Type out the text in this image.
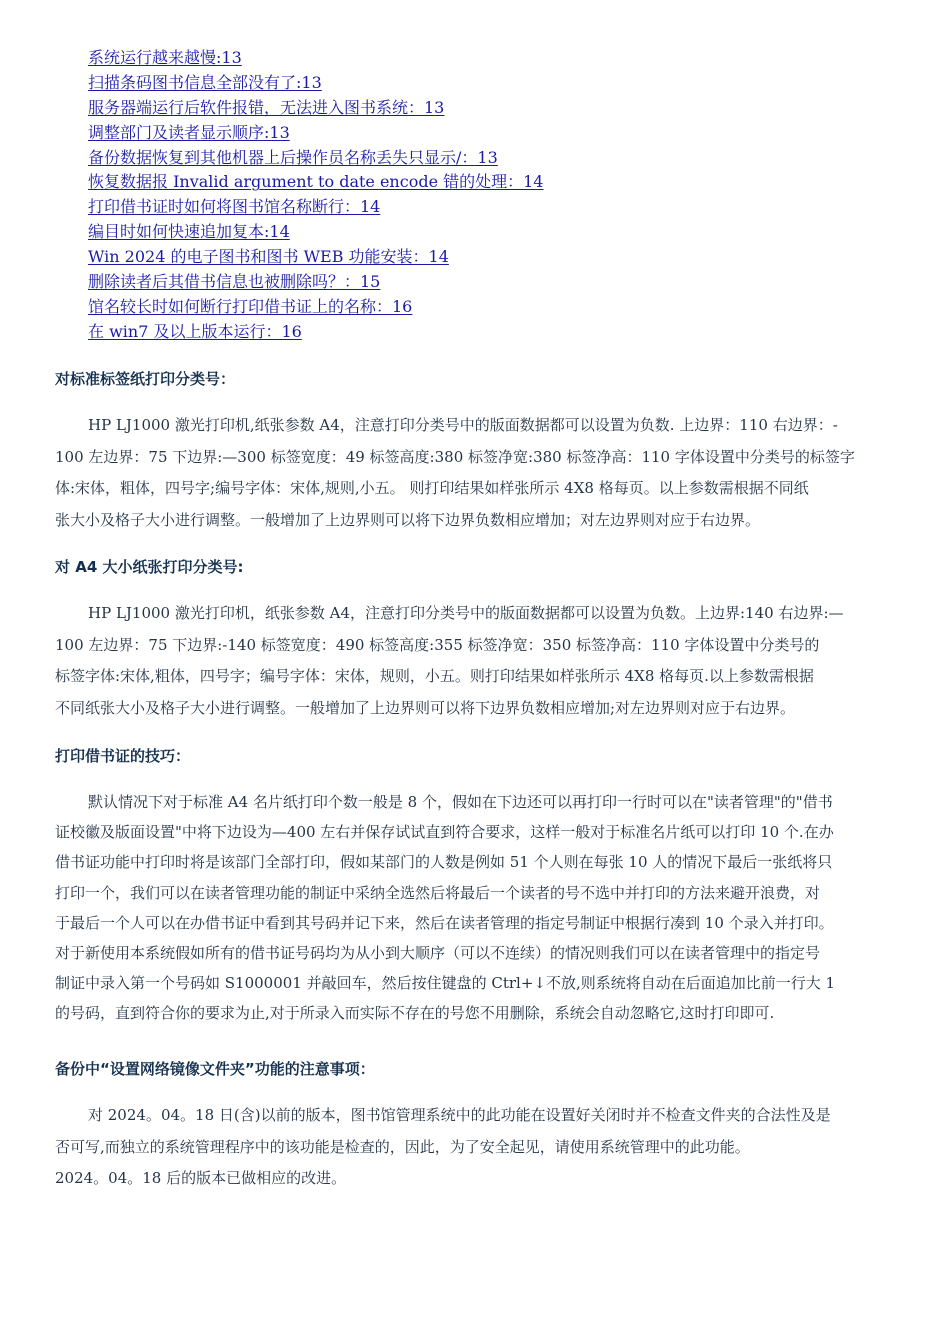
系统运行越来越慢:13
扫描条码图书信息全部没有了:13
服务器端运行后软件报错，无法进入图书系统：13
调整部门及读者显示顺序:13
备份数据恢复到其他机器上后操作员名称丢失只显示/：13
恢复数据报 Invalid argument to date encode 错的处理：14
打印借书证时如何将图书馆名称断行：14
编目时如何快速追加复本:14
Win 2024 的电子图书和图书 WEB 功能安装：14
删除读者后其借书信息也被删除吗？：15
馆名较长时如何断行打印借书证上的名称：16
在 win7 及以上版本运行：16
对标准标签纸打印分类号：

HP LJ1000 激光打印机,纸张参数 A4，注意打印分类号中的版面数据都可以设置为负数. 上边界：110 右边界：-
100 左边界：75 下边界:—300 标签宽度：49 标签高度:380 标签净宽:380 标签净高：110 字体设置中分类号的标签字
体:宋体，粗体，四号字;编号字体：宋体,规则,小五。 则打印结果如样张所示 4X8 格每页。以上参数需根据不同纸
张大小及格子大小进行调整。一般增加了上边界则可以将下边界负数相应增加；对左边界则对应于右边界。

对 A4 大小纸张打印分类号:

HP LJ1000 激光打印机，纸张参数 A4，注意打印分类号中的版面数据都可以设置为负数。上边界:140 右边界:—
100 左边界：75 下边界:-140 标签宽度：490 标签高度:355 标签净宽：350 标签净高：110 字体设置中分类号的
标签字体:宋体,粗体，四号字；编号字体：宋体，规则，小五。则打印结果如样张所示 4X8 格每页.以上参数需根据
不同纸张大小及格子大小进行调整。一般增加了上边界则可以将下边界负数相应增加;对左边界则对应于右边界。

打印借书证的技巧：

默认情况下对于标准 A4 名片纸打印个数一般是 8 个，假如在下边还可以再打印一行时可以在"读者管理"的"借书
证校徽及版面设置"中将下边设为—400 左右并保存试试直到符合要求，这样一般对于标准名片纸可以打印 10 个.在办
借书证功能中打印时将是该部门全部打印，假如某部门的人数是例如 51 个人则在每张 10 人的情况下最后一张纸将只
打印一个，我们可以在读者管理功能的制证中采纳全选然后将最后一个读者的号不选中并打印的方法来避开浪费，对
于最后一个人可以在办借书证中看到其号码并记下来，然后在读者管理的指定号制证中根据行凑到 10 个录入并打印。
对于新使用本系统假如所有的借书证号码均为从小到大顺序（可以不连续）的情况则我们可以在读者管理中的指定号
制证中录入第一个号码如 S1000001 并敲回车，然后按住键盘的 Ctrl+↓不放,则系统将自动在后面追加比前一行大 1
的号码，直到符合你的要求为止,对于所录入而实际不存在的号您不用删除，系统会自动忽略它,这时打印即可.

备份中“设置网络镜像文件夹”功能的注意事项：

对 2024。04。18 日(含)以前的版本，图书馆管理系统中的此功能在设置好关闭时并不检查文件夹的合法性及是
否可写,而独立的系统管理程序中的该功能是检查的，因此，为了安全起见，请使用系统管理中的此功能。
2024。04。18 后的版本已做相应的改进。
